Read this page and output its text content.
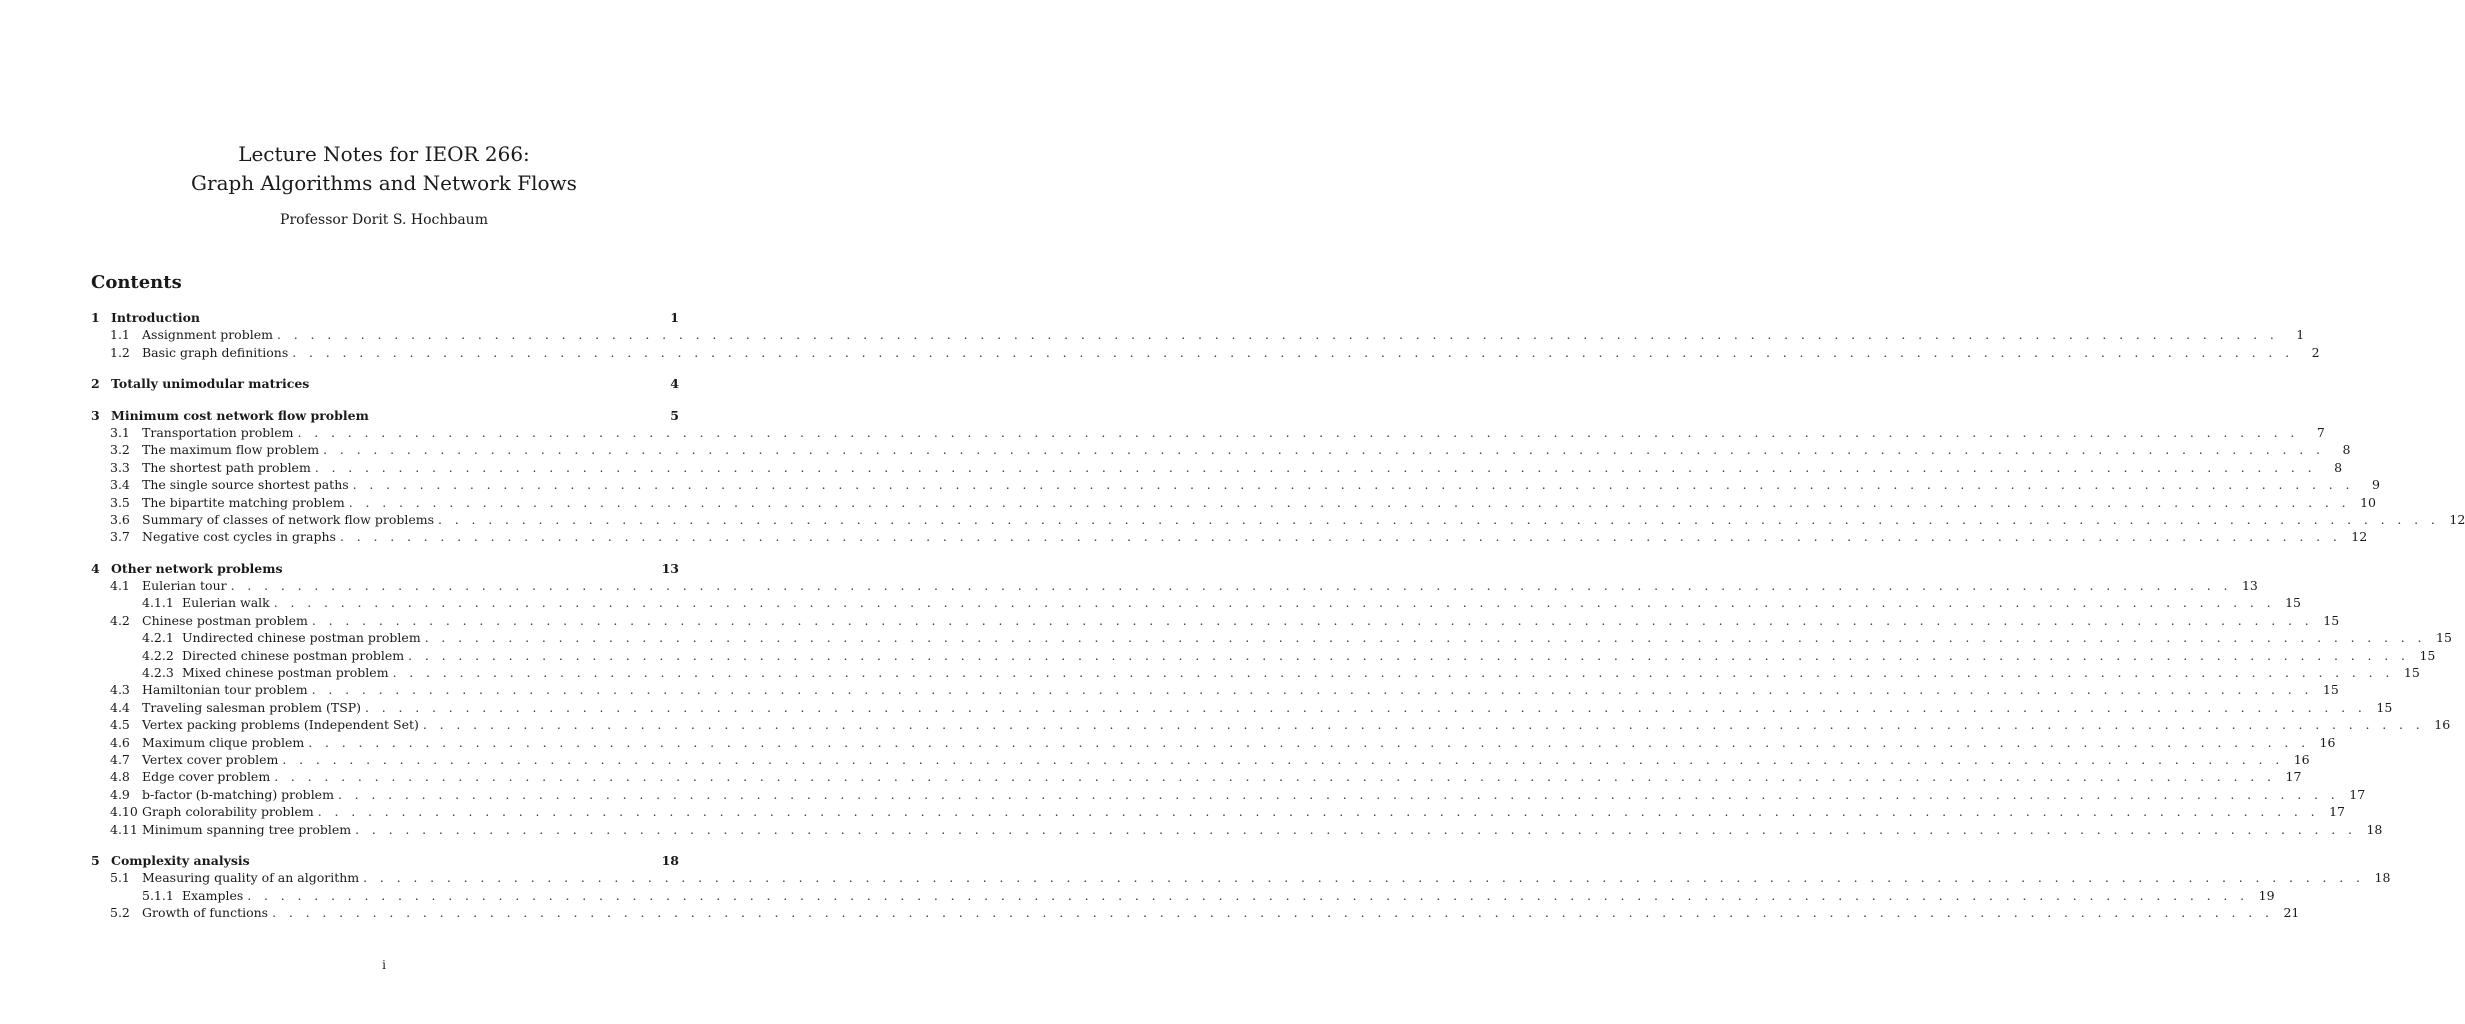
Lecture Notes for IEOR 266:
Graph Algorithms and Network Flows
Professor Dorit S. Hochbaum
Contents
1 Introduction	1
1.1 Assignment problem . . . . . . . . . . . . . . . . . . . . . . . . . . . . . . . . . . . . . . . . . . . . . . . . . . . . . . . . . . . . . . . . . . . . . . . . . . . . . . . . . . . . . . . . . . . . . . . . . . . . . . . . . . . . . . . . . . . . . . . .	1
1.2 Basic graph definitions . . . . . . . . . . . . . . . . . . . . . . . . . . . . . . . . . . . . . . . . . . . . . . . . . . . . . . . . . . . . . . . . . . . . . . . . . . . . . . . . . . . . . . . . . . . . . . . . . . . . . . . . . . . . . . . . . . . . . . . .	2
2 Totally unimodular matrices	4
3 Minimum cost network flow problem	5
3.1 Transportation problem . . . . . . . . . . . . . . . . . . . . . . . . . . . . . . . . . . . . . . . . . . . . . . . . . . . . . . . . . . . . . . . . . . . . . . . . . . . . . . . . . . . . . . . . . . . . . . . . . . . . . . . . . . . . . . . . . . . . . . . .	7
3.2 The maximum flow problem . . . . . . . . . . . . . . . . . . . . . . . . . . . . . . . . . . . . . . . . . . . . . . . . . . . . . . . . . . . . . . . . . . . . . . . . . . . . . . . . . . . . . . . . . . . . . . . . . . . . . . . . . . . . . . . . . . . . . . . .	8
3.3 The shortest path problem . . . . . . . . . . . . . . . . . . . . . . . . . . . . . . . . . . . . . . . . . . . . . . . . . . . . . . . . . . . . . . . . . . . . . . . . . . . . . . . . . . . . . . . . . . . . . . . . . . . . . . . . . . . . . . . . . . . . . . . .	8
3.4 The single source shortest paths . . . . . . . . . . . . . . . . . . . . . . . . . . . . . . . . . . . . . . . . . . . . . . . . . . . . . . . . . . . . . . . . . . . . . . . . . . . . . . . . . . . . . . . . . . . . . . . . . . . . . . . . . . . . . . . . . . . . . . . .	9
3.5 The bipartite matching problem . . . . . . . . . . . . . . . . . . . . . . . . . . . . . . . . . . . . . . . . . . . . . . . . . . . . . . . . . . . . . . . . . . . . . . . . . . . . . . . . . . . . . . . . . . . . . . . . . . . . . . . . . . . . . . . . . . . . . . . . 10
3.6 Summary of classes of network flow problems . . . . . . . . . . . . . . . . . . . . . . . . . . . . . . . . . . . . . . . . . . . . . . . . . . . . . . . . . . . . . . . . . . . . . . . . . . . . . . . . . . . . . . . . . . . . . . . . . . . . . . . . . . . . . . . . . . . . . . . . 12
3.7 Negative cost cycles in graphs . . . . . . . . . . . . . . . . . . . . . . . . . . . . . . . . . . . . . . . . . . . . . . . . . . . . . . . . . . . . . . . . . . . . . . . . . . . . . . . . . . . . . . . . . . . . . . . . . . . . . . . . . . . . . . . . . . . . . . . . 12
4 Other network problems	13
4.1 Eulerian tour . . . . . . . . . . . . . . . . . . . . . . . . . . . . . . . . . . . . . . . . . . . . . . . . . . . . . . . . . . . . . . . . . . . . . . . . . . . . . . . . . . . . . . . . . . . . . . . . . . . . . . . . . . . . . . . . . . . . . . . . 13
4.1.1 Eulerian walk . . . . . . . . . . . . . . . . . . . . . . . . . . . . . . . . . . . . . . . . . . . . . . . . . . . . . . . . . . . . . . . . . . . . . . . . . . . . . . . . . . . . . . . . . . . . . . . . . . . . . . . . . . . . . . . . . . . . . . . . 15
4.2 Chinese postman problem . . . . . . . . . . . . . . . . . . . . . . . . . . . . . . . . . . . . . . . . . . . . . . . . . . . . . . . . . . . . . . . . . . . . . . . . . . . . . . . . . . . . . . . . . . . . . . . . . . . . . . . . . . . . . . . . . . . . . . . . 15
4.2.1 Undirected chinese postman problem . . . . . . . . . . . . . . . . . . . . . . . . . . . . . . . . . . . . . . . . . . . . . . . . . . . . . . . . . . . . . . . . . . . . . . . . . . . . . . . . . . . . . . . . . . . . . . . . . . . . . . . . . . . . . . . . . . . . . . . . 15
4.2.2 Directed chinese postman problem . . . . . . . . . . . . . . . . . . . . . . . . . . . . . . . . . . . . . . . . . . . . . . . . . . . . . . . . . . . . . . . . . . . . . . . . . . . . . . . . . . . . . . . . . . . . . . . . . . . . . . . . . . . . . . . . . . . . . . . . 15
4.2.3 Mixed chinese postman problem . . . . . . . . . . . . . . . . . . . . . . . . . . . . . . . . . . . . . . . . . . . . . . . . . . . . . . . . . . . . . . . . . . . . . . . . . . . . . . . . . . . . . . . . . . . . . . . . . . . . . . . . . . . . . . . . . . . . . . . . 15
4.3 Hamiltonian tour problem . . . . . . . . . . . . . . . . . . . . . . . . . . . . . . . . . . . . . . . . . . . . . . . . . . . . . . . . . . . . . . . . . . . . . . . . . . . . . . . . . . . . . . . . . . . . . . . . . . . . . . . . . . . . . . . . . . . . . . . . 15
4.4 Traveling salesman problem (TSP) . . . . . . . . . . . . . . . . . . . . . . . . . . . . . . . . . . . . . . . . . . . . . . . . . . . . . . . . . . . . . . . . . . . . . . . . . . . . . . . . . . . . . . . . . . . . . . . . . . . . . . . . . . . . . . . . . . . . . . . . 15
4.5 Vertex packing problems (Independent Set) . . . . . . . . . . . . . . . . . . . . . . . . . . . . . . . . . . . . . . . . . . . . . . . . . . . . . . . . . . . . . . . . . . . . . . . . . . . . . . . . . . . . . . . . . . . . . . . . . . . . . . . . . . . . . . . . . . . . . . . . 16
4.6 Maximum clique problem . . . . . . . . . . . . . . . . . . . . . . . . . . . . . . . . . . . . . . . . . . . . . . . . . . . . . . . . . . . . . . . . . . . . . . . . . . . . . . . . . . . . . . . . . . . . . . . . . . . . . . . . . . . . . . . . . . . . . . . . 16
4.7 Vertex cover problem . . . . . . . . . . . . . . . . . . . . . . . . . . . . . . . . . . . . . . . . . . . . . . . . . . . . . . . . . . . . . . . . . . . . . . . . . . . . . . . . . . . . . . . . . . . . . . . . . . . . . . . . . . . . . . . . . . . . . . . . 16
4.8 Edge cover problem . . . . . . . . . . . . . . . . . . . . . . . . . . . . . . . . . . . . . . . . . . . . . . . . . . . . . . . . . . . . . . . . . . . . . . . . . . . . . . . . . . . . . . . . . . . . . . . . . . . . . . . . . . . . . . . . . . . . . . . . 17
4.9 b-factor (b-matching) problem . . . . . . . . . . . . . . . . . . . . . . . . . . . . . . . . . . . . . . . . . . . . . . . . . . . . . . . . . . . . . . . . . . . . . . . . . . . . . . . . . . . . . . . . . . . . . . . . . . . . . . . . . . . . . . . . . . . . . . . . 17
4.10 Graph colorability problem . . . . . . . . . . . . . . . . . . . . . . . . . . . . . . . . . . . . . . . . . . . . . . . . . . . . . . . . . . . . . . . . . . . . . . . . . . . . . . . . . . . . . . . . . . . . . . . . . . . . . . . . . . . . . . . . . . . . . . . . 17
4.11 Minimum spanning tree problem . . . . . . . . . . . . . . . . . . . . . . . . . . . . . . . . . . . . . . . . . . . . . . . . . . . . . . . . . . . . . . . . . . . . . . . . . . . . . . . . . . . . . . . . . . . . . . . . . . . . . . . . . . . . . . . . . . . . . . . . 18
5 Complexity analysis	18
5.1 Measuring quality of an algorithm . . . . . . . . . . . . . . . . . . . . . . . . . . . . . . . . . . . . . . . . . . . . . . . . . . . . . . . . . . . . . . . . . . . . . . . . . . . . . . . . . . . . . . . . . . . . . . . . . . . . . . . . . . . . . . . . . . . . . . . . 18
5.1.1 Examples . . . . . . . . . . . . . . . . . . . . . . . . . . . . . . . . . . . . . . . . . . . . . . . . . . . . . . . . . . . . . . . . . . . . . . . . . . . . . . . . . . . . . . . . . . . . . . . . . . . . . . . . . . . . . . . . . . . . . . . . 19
5.2 Growth of functions . . . . . . . . . . . . . . . . . . . . . . . . . . . . . . . . . . . . . . . . . . . . . . . . . . . . . . . . . . . . . . . . . . . . . . . . . . . . . . . . . . . . . . . . . . . . . . . . . . . . . . . . . . . . . . . . . . . . . . . . 21
i
